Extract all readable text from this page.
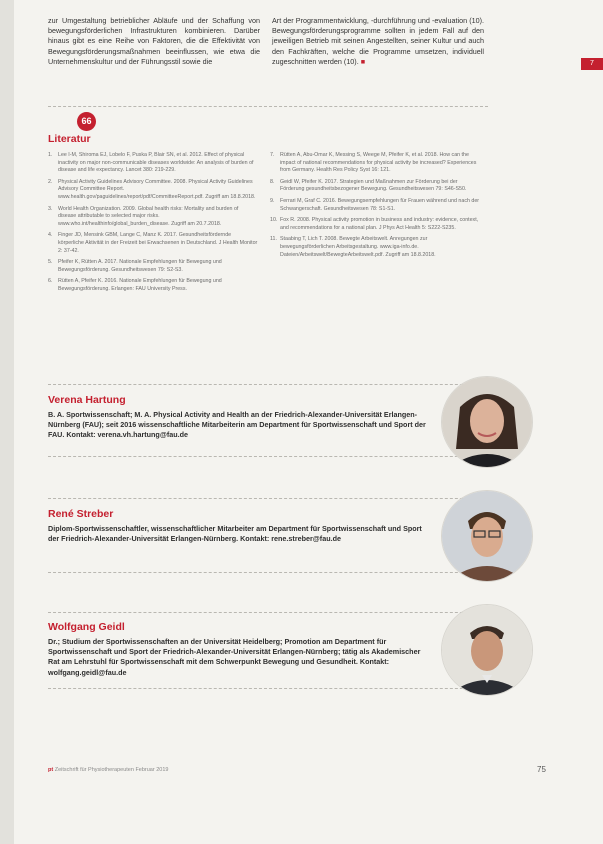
zur Umgestaltung betrieblicher Abläufe und der Schaffung von bewegungsförderlichen Infrastrukturen kombinieren. Darüber hinaus gibt es eine Reihe von Faktoren, die die Effektivität von Bewegungsförderungsmaßnahmen beeinflussen, wie etwa die Unternehmenskultur und der Führungsstil sowie die
Art der Programmentwicklung, -durchführung und -evaluation (10). Bewegungsförderungsprogramme sollten in jedem Fall auf den jeweiligen Betrieb mit seinen Angestellten, seiner Kultur und auch den Fachkräften, welche die Programme umsetzen, individuell zugeschnitten werden (10). ■	7
66
Literatur
1.	Lee I-M, Shiroma EJ, Lobelo F, Puska P, Blair SN, et al. 2012. Effect of physical inactivity on major non-communicable diseases worldwide: An analysis of burden of disease and life expectancy. Lancet 380: 219-229.
2.	Physical Activity Guidelines Advisory Committee. 2008. Physical Activity Guidelines Advisory Committee Report. www.health.gov/paguidelines/report/pdf/CommitteeReport.pdf. Zugriff am 18.8.2018.
3.	World Health Organization. 2009. Global health risks: Mortality and burden of disease attributable to selected major risks. www.who.int/healthinfo/global_burden_disease. Zugriff am 20.7.2018.
4.	Finger JD, Mensink GBM, Lange C, Manz K. 2017. Gesundheitsfördernde körperliche Aktivität in der Freizeit bei Erwachsenen in Deutschland. J Health Monitor 2: 37-42.
5.	Pfeifer K, Rütten A. 2017. Nationale Empfehlungen für Bewegung und Bewegungsförderung. Gesundheitswesen 79: S2-S3.
6.	Rütten A, Pfeifer K. 2016. Nationale Empfehlungen für Bewegung und Bewegungsförderung. Erlangen: FAU University Press.
7.	Rütten A, Abu-Omar K, Messing S, Weege M, Pfeifer K, et al. 2018. How can the impact of national recommendations for physical activity be increased? Experiences from Germany. Health Res Policy Syst 16: 121.
8.	Geidl W, Pfeifer K. 2017. Strategien und Maßnahmen zur Förderung bei der Förderung gesundheitsbezogener Bewegung. Gesundheitswesen 79: S46-S50.
9.	Ferrari M, Graf C. 2016. Bewegungsempfehlungen für Frauen während und nach der Schwangerschaft. Gesundheitswesen 78: S1-S1.
10. Fox R. 2008. Physical activity promotion in business and industry: evidence, context, and recommendations for a national plan. J Phys Act Health 5: S222-S235.
11. Staabing T, Lich T. 2008. Bewegte Arbeitswelt. Anregungen zur bewegungsförderlichen Arbeitsgestaltung. www.iga-info.de. Dateien/Arbeitswelt/BewegteArbeitswelt.pdf. Zugriff am 18.8.2018.
Verena Hartung
B. A. Sportwissenschaft; M. A. Physical Activity and Health an der Friedrich-Alexander-Universität Erlangen-Nürnberg (FAU); seit 2016 wissenschaftliche Mitarbeiterin am Department für Sportwissenschaft und Sport der FAU. Kontakt: verena.vh.hartung@fau.de
René Streber
Diplom-Sportwissenschaftler, wissenschaftlicher Mitarbeiter am Department für Sportwissenschaft und Sport der Friedrich-Alexander-Universität Erlangen-Nürnberg. Kontakt: rene.streber@fau.de
Wolfgang Geidl
Dr.; Studium der Sportwissenschaften an der Universität Heidelberg; Promotion am Department für Sportwissenschaft und Sport der Friedrich-Alexander-Universität Erlangen-Nürnberg; tätig als Akademischer Rat am Lehrstuhl für Sportwissenschaft mit dem Schwerpunkt Bewegung und Gesundheit. Kontakt: wolfgang.geidl@fau.de
pt Zeitschrift für Physiotherapeuten Februar 2019	75
